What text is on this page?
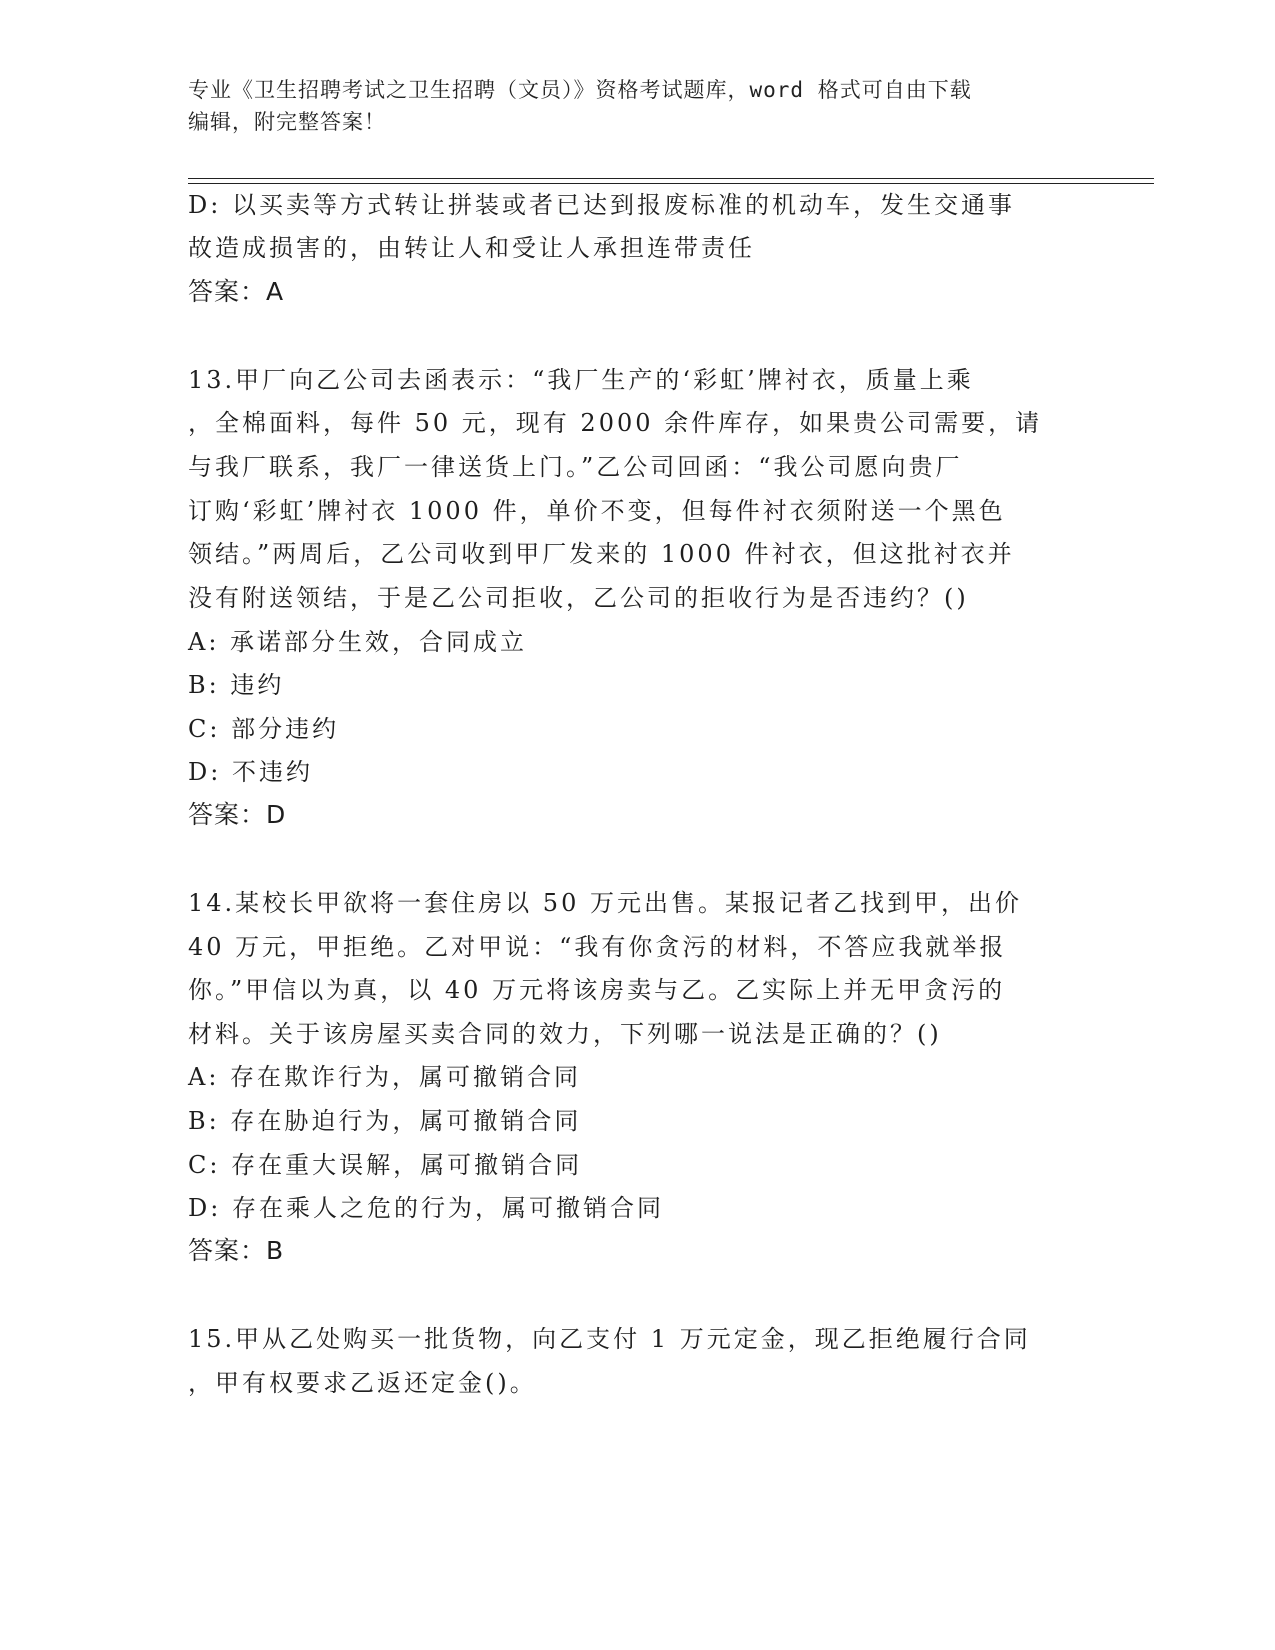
专业《卫生招聘考试之卫生招聘（文员）》资格考试题库，word 格式可自由下载
编辑，附完整答案！
D: 以买卖等方式转让拼装或者已达到报废标准的机动车，发生交通事
故造成损害的，由转让人和受让人承担连带责任
答案：A
13.甲厂向乙公司去函表示：“我厂生产的‘彩虹’牌衬衣，质量上乘
，全棉面料，每件 50 元，现有 2000 余件库存，如果贵公司需要，请
与我厂联系，我厂一律送货上门。”乙公司回函：“我公司愿向贵厂
订购‘彩虹’牌衬衣 1000 件，单价不变，但每件衬衣须附送一个黑色
领结。”两周后，乙公司收到甲厂发来的 1000 件衬衣，但这批衬衣并
没有附送领结，于是乙公司拒收，乙公司的拒收行为是否违约？()
A: 承诺部分生效，合同成立
B: 违约
C: 部分违约
D: 不违约
答案：D
14.某校长甲欲将一套住房以 50 万元出售。某报记者乙找到甲，出价
40 万元，甲拒绝。乙对甲说：“我有你贪污的材料，不答应我就举报
你。”甲信以为真，以 40 万元将该房卖与乙。乙实际上并无甲贪污的
材料。关于该房屋买卖合同的效力，下列哪一说法是正确的？()
A: 存在欺诈行为，属可撤销合同
B: 存在胁迫行为，属可撤销合同
C: 存在重大误解，属可撤销合同
D: 存在乘人之危的行为，属可撤销合同
答案：B
15.甲从乙处购买一批货物，向乙支付 1 万元定金，现乙拒绝履行合同
，甲有权要求乙返还定金()。
